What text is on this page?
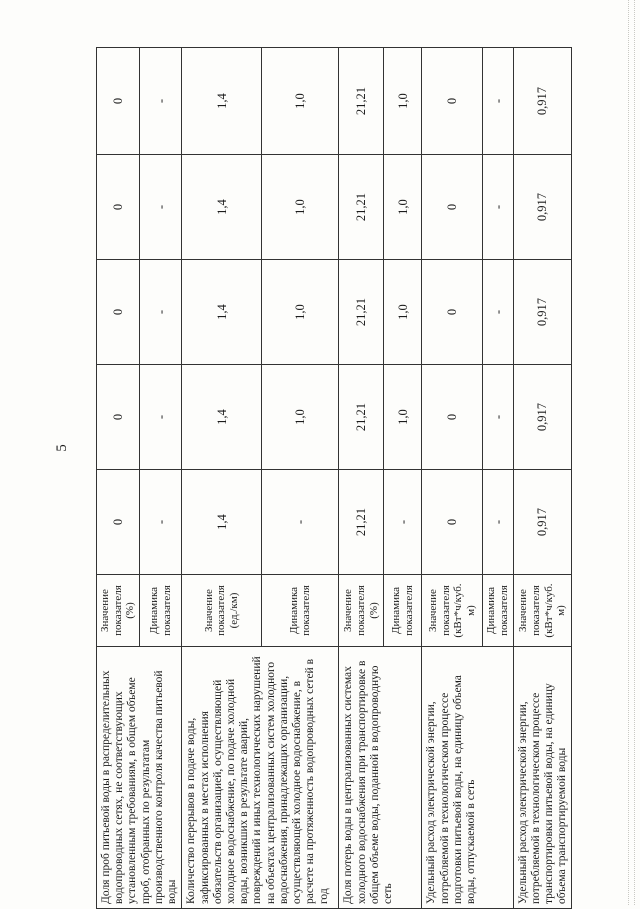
5
Доля проб питьевой воды в распределительных водопроводных сетях, не соответствующих установленным требованиям, в общем объеме проб, отобранных по результатам производственного контроля качества питьевой воды	Значение показателя (%)	0	0	0	0	0
	Динамика показателя	-	-	-	-	-
Количество перерывов в подаче воды, зафиксированных в местах исполнения обязательств организацией, осуществляющей холодное водоснабжение, по подаче холодной воды, возникших в результате аварий, повреждений и иных технологических нарушений на объектах централизованных систем холодного водоснабжения, принадлежащих организации, осуществляющей холодное водоснабжение, в расчете на протяженность водопроводных сетей в год	Значение показателя (ед./км)	1,4	1,4	1,4	1,4	1,4
	Динамика показателя	-	1,0	1,0	1,0	1,0
Доля потерь воды в централизованных системах холодного водоснабжения при транспортировке в общем объеме воды, поданной в водопроводную сеть	Значение показателя (%)	21,21	21,21	21,21	21,21	21,21
	Динамика показателя	-	1,0	1,0	1,0	1,0
Удельный расход электрической энергии, потребляемой в технологическом процессе подготовки питьевой воды, на единицу объема воды, отпускаемой в сеть	Значение показателя (кВт*ч/куб. м)	0	0	0	0	0
	Динамика показателя	-	-	-	-	-
Удельный расход электрической энергии, потребляемой в технологическом процессе транспортировки питьевой воды, на единицу объема транспортируемой воды	Значение показателя (кВт*ч/куб. м)	0,917	0,917	0,917	0,917	0,917
